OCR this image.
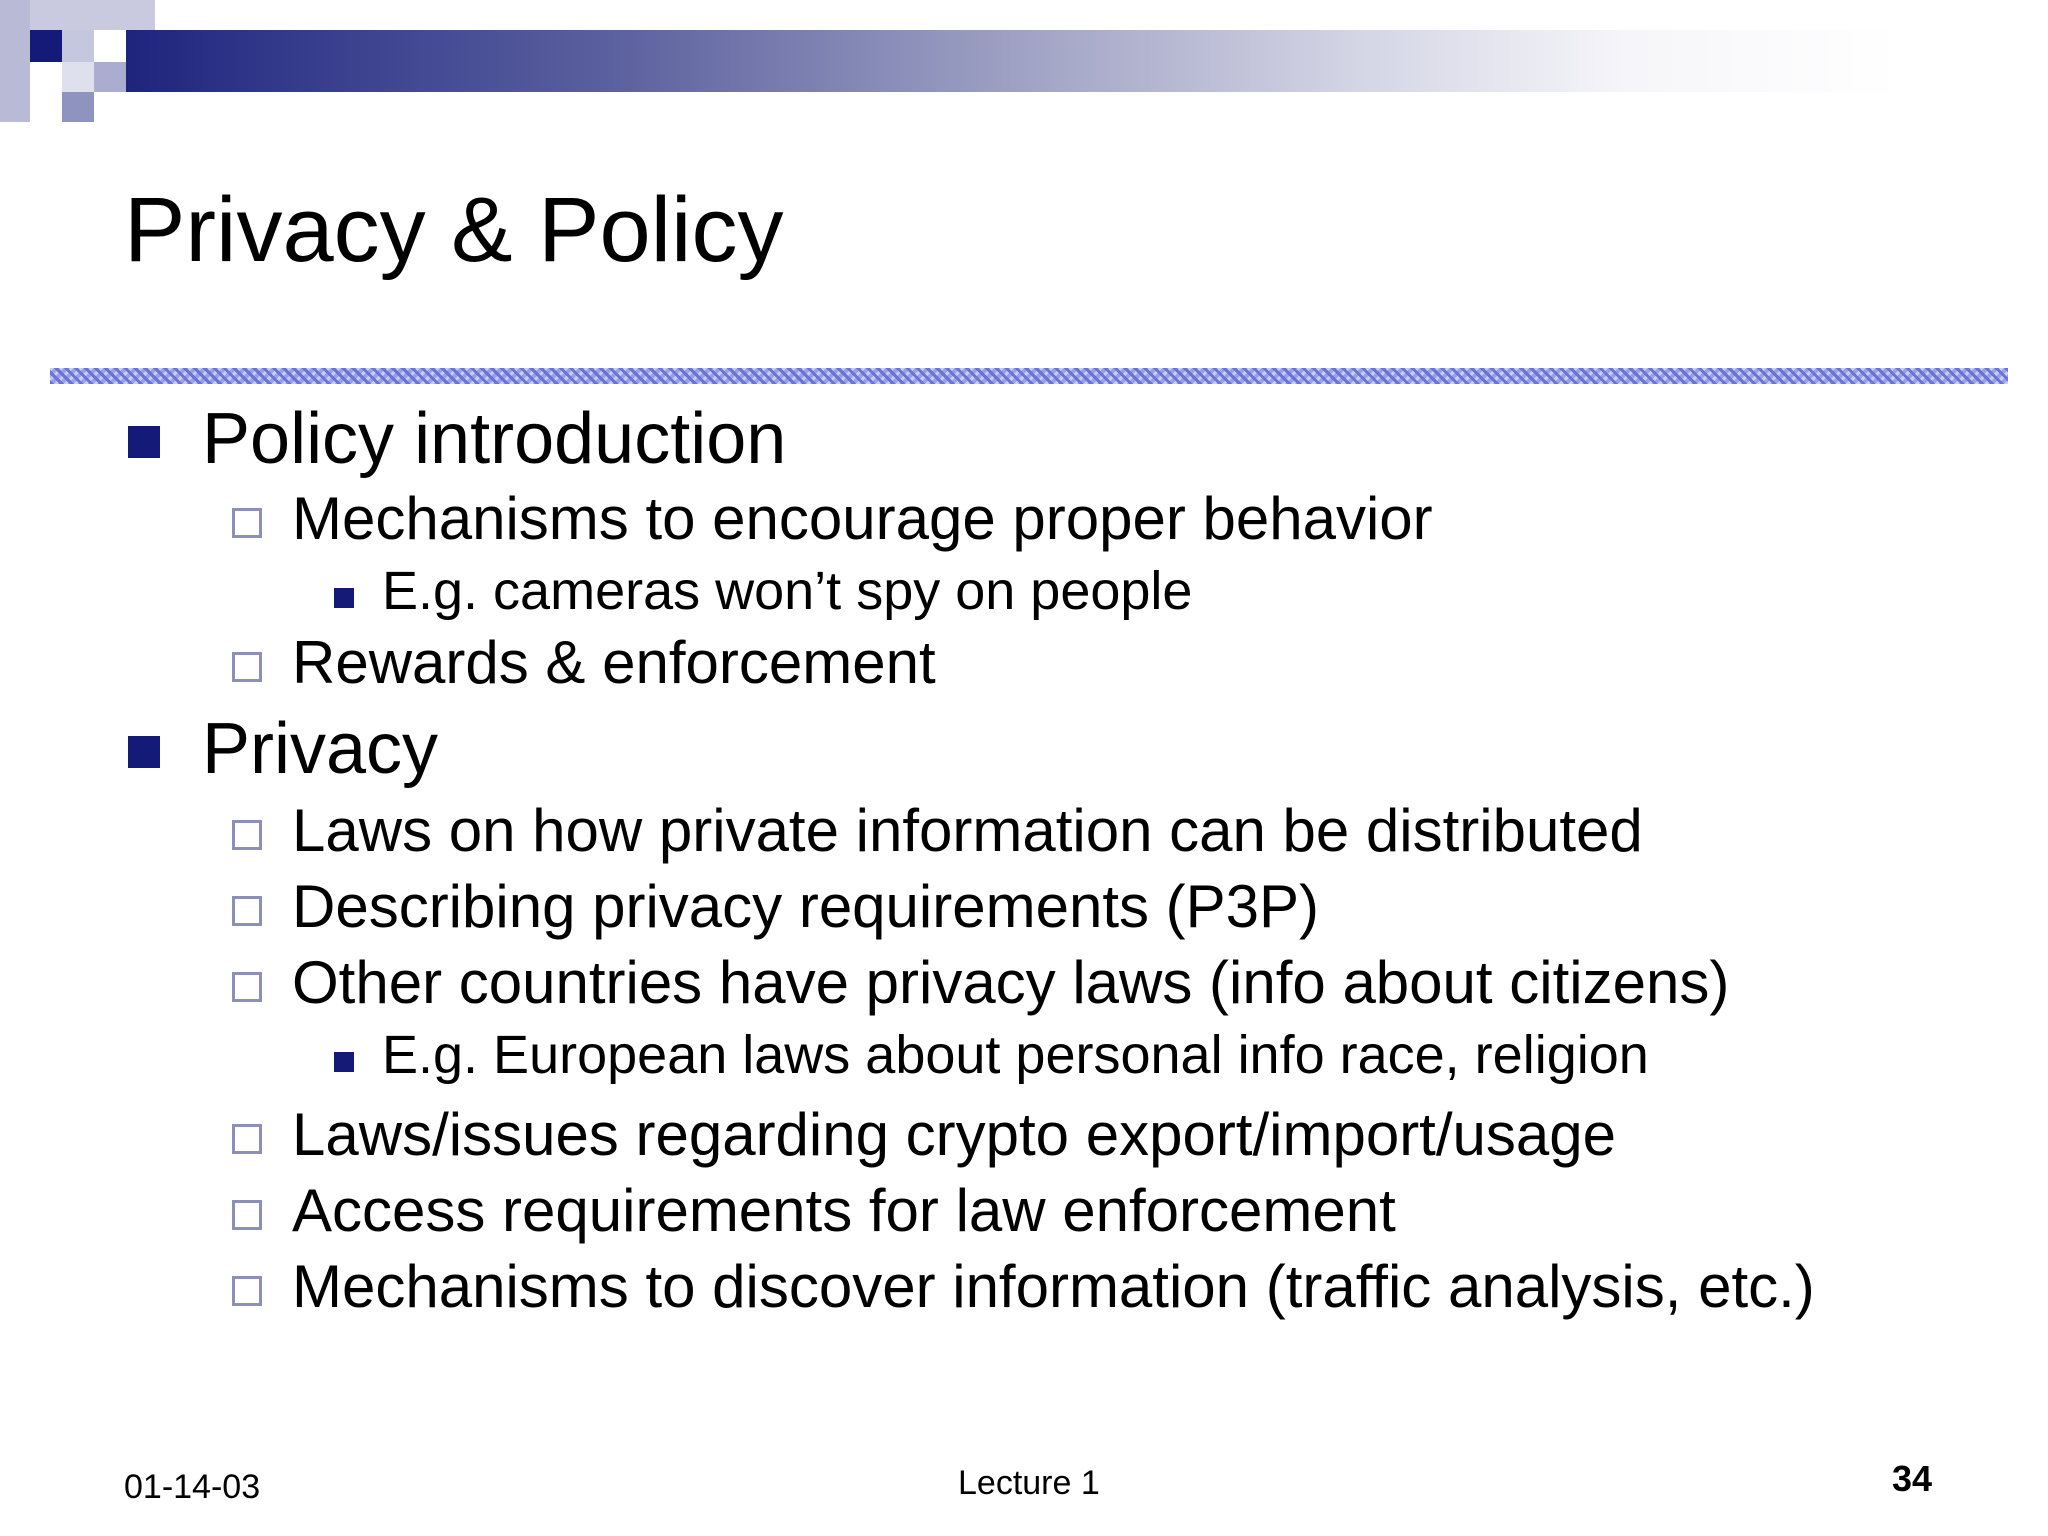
Privacy & Policy
Policy introduction
Mechanisms to encourage proper behavior
E.g. cameras won’t spy on people
Rewards & enforcement
Privacy
Laws on how private information can be distributed
Describing privacy requirements (P3P)
Other countries have privacy laws (info about citizens)
E.g. European laws about personal info race, religion
Laws/issues regarding crypto export/import/usage
Access requirements for law enforcement
Mechanisms to discover information (traffic analysis, etc.)
01-14-03	Lecture 1	34
